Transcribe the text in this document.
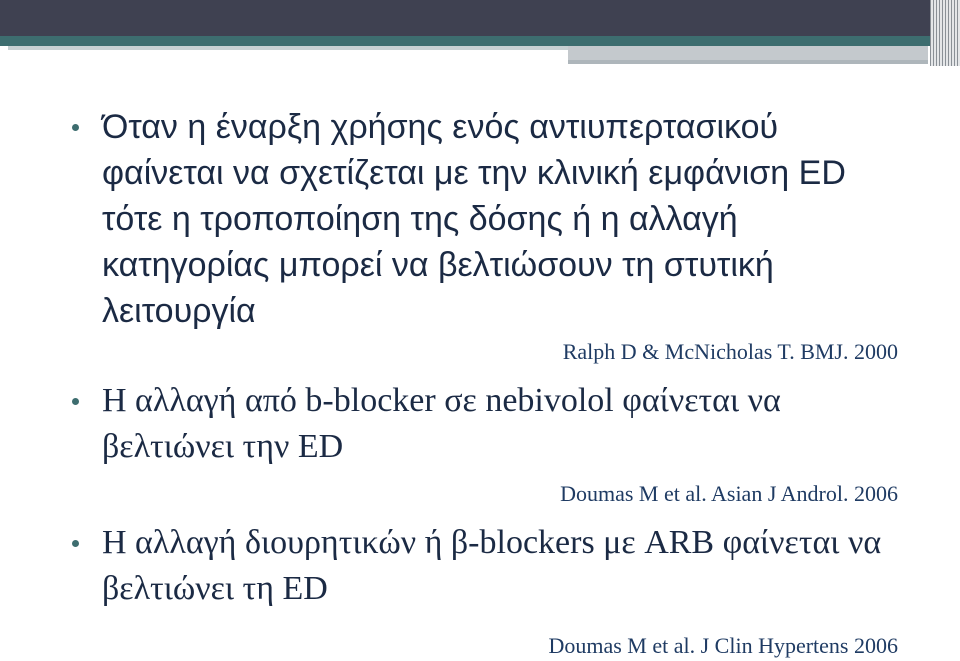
Όταν η έναρξη χρήσης ενός αντιυπερτασικού φαίνεται να σχετίζεται με την κλινική εμφάνιση ED τότε η τροποποίηση της δόσης ή η αλλαγή κατηγορίας μπορεί να βελτιώσουν τη στυτική λειτουργία
Ralph D & McNicholas T. BMJ. 2000
Η αλλαγή από b-blocker σε nebivolol φαίνεται να βελτιώνει την ED
Doumas M et al. Asian J Androl. 2006
Η αλλαγή διουρητικών ή β-blockers με ARB φαίνεται να βελτιώνει τη ED
Doumas M et al. J Clin Hypertens 2006
